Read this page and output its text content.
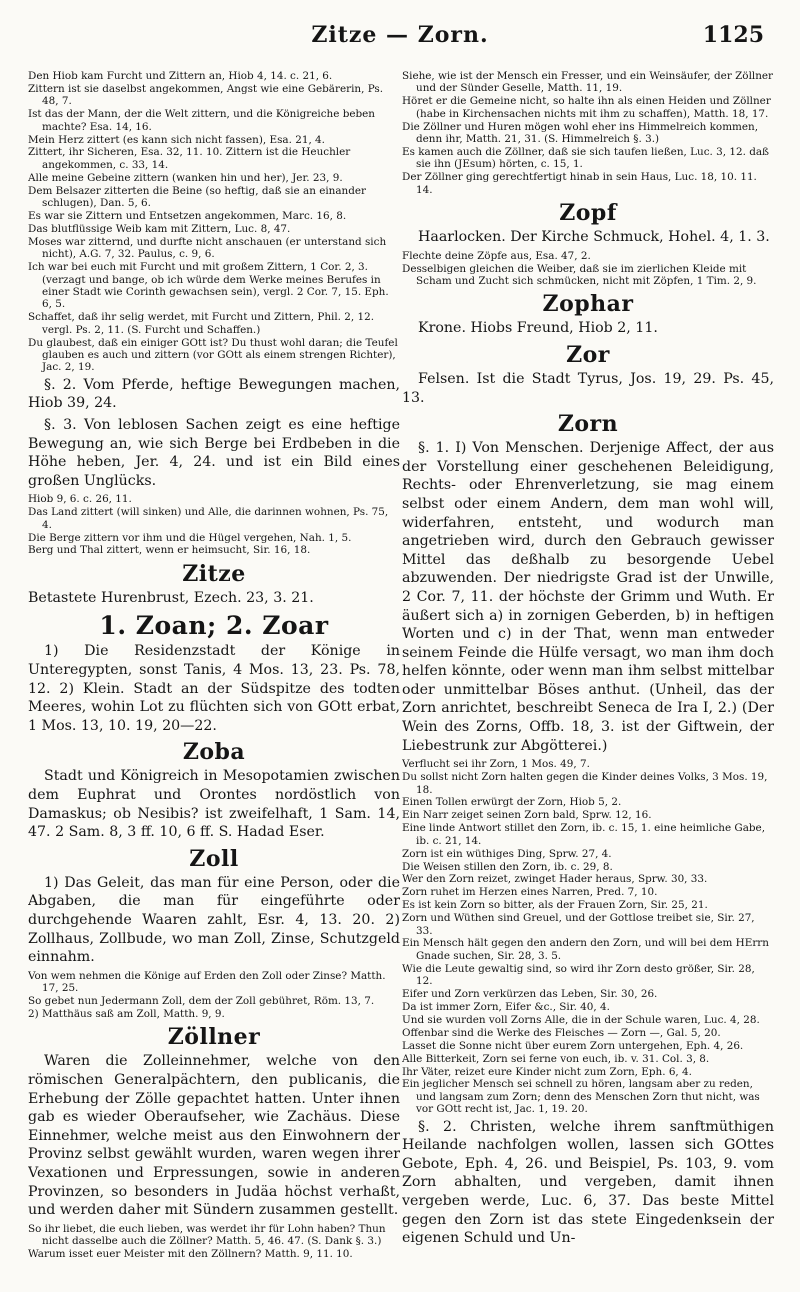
Zitze — Zorn.	1125

Den Hiob kam Furcht und Zittern an, Hiob 4, 14. c. 21, 6.

Zittern ist sie daselbst angekommen, Angst wie eine Gebärerin, Ps. 48, 7.

Ist das der Mann, der die Welt zittern, und die Königreiche beben machte? Esa. 14, 16.

Mein Herz zittert (es kann sich nicht fassen), Esa. 21, 4.

Zittert, ihr Sicheren, Esa. 32, 11. 10. Zittern ist die Heuchler angekommen, c. 33, 14.

Alle meine Gebeine zittern (wanken hin und her), Jer. 23, 9.

Dem Belsazer zitterten die Beine (so heftig, daß sie an einander schlugen), Dan. 5, 6.

Es war sie Zittern und Entsetzen angekommen, Marc. 16, 8.

Das blutflüssige Weib kam mit Zittern, Luc. 8, 47.

Moses war zitternd, und durfte nicht anschauen (er unterstand sich nicht), A.G. 7, 32. Paulus, c. 9, 6.

Ich war bei euch mit Furcht und mit großem Zittern, 1 Cor. 2, 3. (verzagt und bange, ob ich würde dem Werke meines Berufes in einer Stadt wie Corinth gewachsen sein), vergl. 2 Cor. 7, 15. Eph. 6, 5.

Schaffet, daß ihr selig werdet, mit Furcht und Zittern, Phil. 2, 12. vergl. Ps. 2, 11. (S. Furcht und Schaffen.)

Du glaubest, daß ein einiger GOtt ist? Du thust wohl daran; die Teufel glauben es auch und zittern (vor GOtt als einem strengen Richter), Jac. 2, 19.

§. 2. Vom Pferde, heftige Bewegungen machen, Hiob 39, 24.

§. 3. Von leblosen Sachen zeigt es eine heftige Bewegung an, wie sich Berge bei Erdbeben in die Höhe heben, Jer. 4, 24. und ist ein Bild eines großen Unglücks.

Hiob 9, 6. c. 26, 11.

Das Land zittert (will sinken) und Alle, die darinnen wohnen, Ps. 75, 4.

Die Berge zittern vor ihm und die Hügel vergehen, Nah. 1, 5.

Berg und Thal zittert, wenn er heimsucht, Sir. 16, 18.

Zitze

Betastete Hurenbrust, Ezech. 23, 3. 21.

1. Zoan; 2. Zoar

1) Die Residenzstadt der Könige in Unteregypten, sonst Tanis, 4 Mos. 13, 23. Ps. 78, 12. 2) Klein. Stadt an der Südspitze des todten Meeres, wohin Lot zu flüchten sich von GOtt erbat, 1 Mos. 13, 10. 19, 20—22.

Zoba

Stadt und Königreich in Mesopotamien zwischen dem Euphrat und Orontes nordöstlich von Damaskus; ob Nesibis? ist zweifelhaft, 1 Sam. 14, 47. 2 Sam. 8, 3 ff. 10, 6 ff. S. Hadad Eser.

Zoll

1) Das Geleit, das man für eine Person, oder die Abgaben, die man für eingeführte oder durchgehende Waaren zahlt, Esr. 4, 13. 20. 2) Zollhaus, Zollbude, wo man Zoll, Zinse, Schutzgeld einnahm.

Von wem nehmen die Könige auf Erden den Zoll oder Zinse? Matth. 17, 25.

So gebet nun Jedermann Zoll, dem der Zoll gebühret, Röm. 13, 7.

2) Matthäus saß am Zoll, Matth. 9, 9.

Zöllner

Waren die Zolleinnehmer, welche von den römischen Generalpächtern, den publicanis, die Erhebung der Zölle gepachtet hatten. Unter ihnen gab es wieder Oberaufseher, wie Zachäus. Diese Einnehmer, welche meist aus den Einwohnern der Provinz selbst gewählt wurden, waren wegen ihrer Vexationen und Erpressungen, sowie in anderen Provinzen, so besonders in Judäa höchst verhaßt, und werden daher mit Sündern zusammen gestellt.

So ihr liebet, die euch lieben, was werdet ihr für Lohn haben? Thun nicht dasselbe auch die Zöllner? Matth. 5, 46. 47. (S. Dank §. 3.)

Warum isset euer Meister mit den Zöllnern? Matth. 9, 11. 10.

Siehe, wie ist der Mensch ein Fresser, und ein Weinsäufer, der Zöllner und der Sünder Geselle, Matth. 11, 19.

Höret er die Gemeine nicht, so halte ihn als einen Heiden und Zöllner (habe in Kirchensachen nichts mit ihm zu schaffen), Matth. 18, 17.

Die Zöllner und Huren mögen wohl eher ins Himmelreich kommen, denn ihr, Matth. 21, 31. (S. Himmelreich §. 3.)

Es kamen auch die Zöllner, daß sie sich taufen ließen, Luc. 3, 12. daß sie ihn (JEsum) hörten, c. 15, 1.

Der Zöllner ging gerechtfertigt hinab in sein Haus, Luc. 18, 10. 11. 14.

Zopf

Haarlocken. Der Kirche Schmuck, Hohel. 4, 1. 3.

Flechte deine Zöpfe aus, Esa. 47, 2.

Desselbigen gleichen die Weiber, daß sie im zierlichen Kleide mit Scham und Zucht sich schmücken, nicht mit Zöpfen, 1 Tim. 2, 9.

Zophar

Krone. Hiobs Freund, Hiob 2, 11.

Zor

Felsen. Ist die Stadt Tyrus, Jos. 19, 29. Ps. 45, 13.

Zorn

§. 1. I) Von Menschen. Derjenige Affect, der aus der Vorstellung einer geschehenen Beleidigung, Rechts- oder Ehrenverletzung, sie mag einem selbst oder einem Andern, dem man wohl will, widerfahren, entsteht, und wodurch man angetrieben wird, durch den Gebrauch gewisser Mittel das deßhalb zu besorgende Uebel abzuwenden. Der niedrigste Grad ist der Unwille, 2 Cor. 7, 11. der höchste der Grimm und Wuth. Er äußert sich a) in zornigen Geberden, b) in heftigen Worten und c) in der That, wenn man entweder seinem Feinde die Hülfe versagt, wo man ihm doch helfen könnte, oder wenn man ihm selbst mittelbar oder unmittelbar Böses anthut. (Unheil, das der Zorn anrichtet, beschreibt Seneca de Ira I, 2.) (Der Wein des Zorns, Offb. 18, 3. ist der Giftwein, der Liebestrunk zur Abgötterei.)

Verflucht sei ihr Zorn, 1 Mos. 49, 7.

Du sollst nicht Zorn halten gegen die Kinder deines Volks, 3 Mos. 19, 18.

Einen Tollen erwürgt der Zorn, Hiob 5, 2.

Ein Narr zeiget seinen Zorn bald, Sprw. 12, 16.

Eine linde Antwort stillet den Zorn, ib. c. 15, 1. eine heimliche Gabe, ib. c. 21, 14.

Zorn ist ein wüthiges Ding, Sprw. 27, 4.

Die Weisen stillen den Zorn, ib. c. 29, 8.

Wer den Zorn reizet, zwinget Hader heraus, Sprw. 30, 33.

Zorn ruhet im Herzen eines Narren, Pred. 7, 10.

Es ist kein Zorn so bitter, als der Frauen Zorn, Sir. 25, 21.

Zorn und Wüthen sind Greuel, und der Gottlose treibet sie, Sir. 27, 33.

Ein Mensch hält gegen den andern den Zorn, und will bei dem HErrn Gnade suchen, Sir. 28, 3. 5.

Wie die Leute gewaltig sind, so wird ihr Zorn desto größer, Sir. 28, 12.

Eifer und Zorn verkürzen das Leben, Sir. 30, 26.

Da ist immer Zorn, Eifer &c., Sir. 40, 4.

Und sie wurden voll Zorns Alle, die in der Schule waren, Luc. 4, 28.

Offenbar sind die Werke des Fleisches — Zorn —, Gal. 5, 20.

Lasset die Sonne nicht über eurem Zorn untergehen, Eph. 4, 26.

Alle Bitterkeit, Zorn sei ferne von euch, ib. v. 31. Col. 3, 8.

Ihr Väter, reizet eure Kinder nicht zum Zorn, Eph. 6, 4.

Ein jeglicher Mensch sei schnell zu hören, langsam aber zu reden, und langsam zum Zorn; denn des Menschen Zorn thut nicht, was vor GOtt recht ist, Jac. 1, 19. 20.

§. 2. Christen, welche ihrem sanftmüthigen Heilande nachfolgen wollen, lassen sich GOttes Gebote, Eph. 4, 26. und Beispiel, Ps. 103, 9. vom Zorn abhalten, und vergeben, damit ihnen vergeben werde, Luc. 6, 37. Das beste Mittel gegen den Zorn ist das stete Eingedenksein der eigenen Schuld und Un-
